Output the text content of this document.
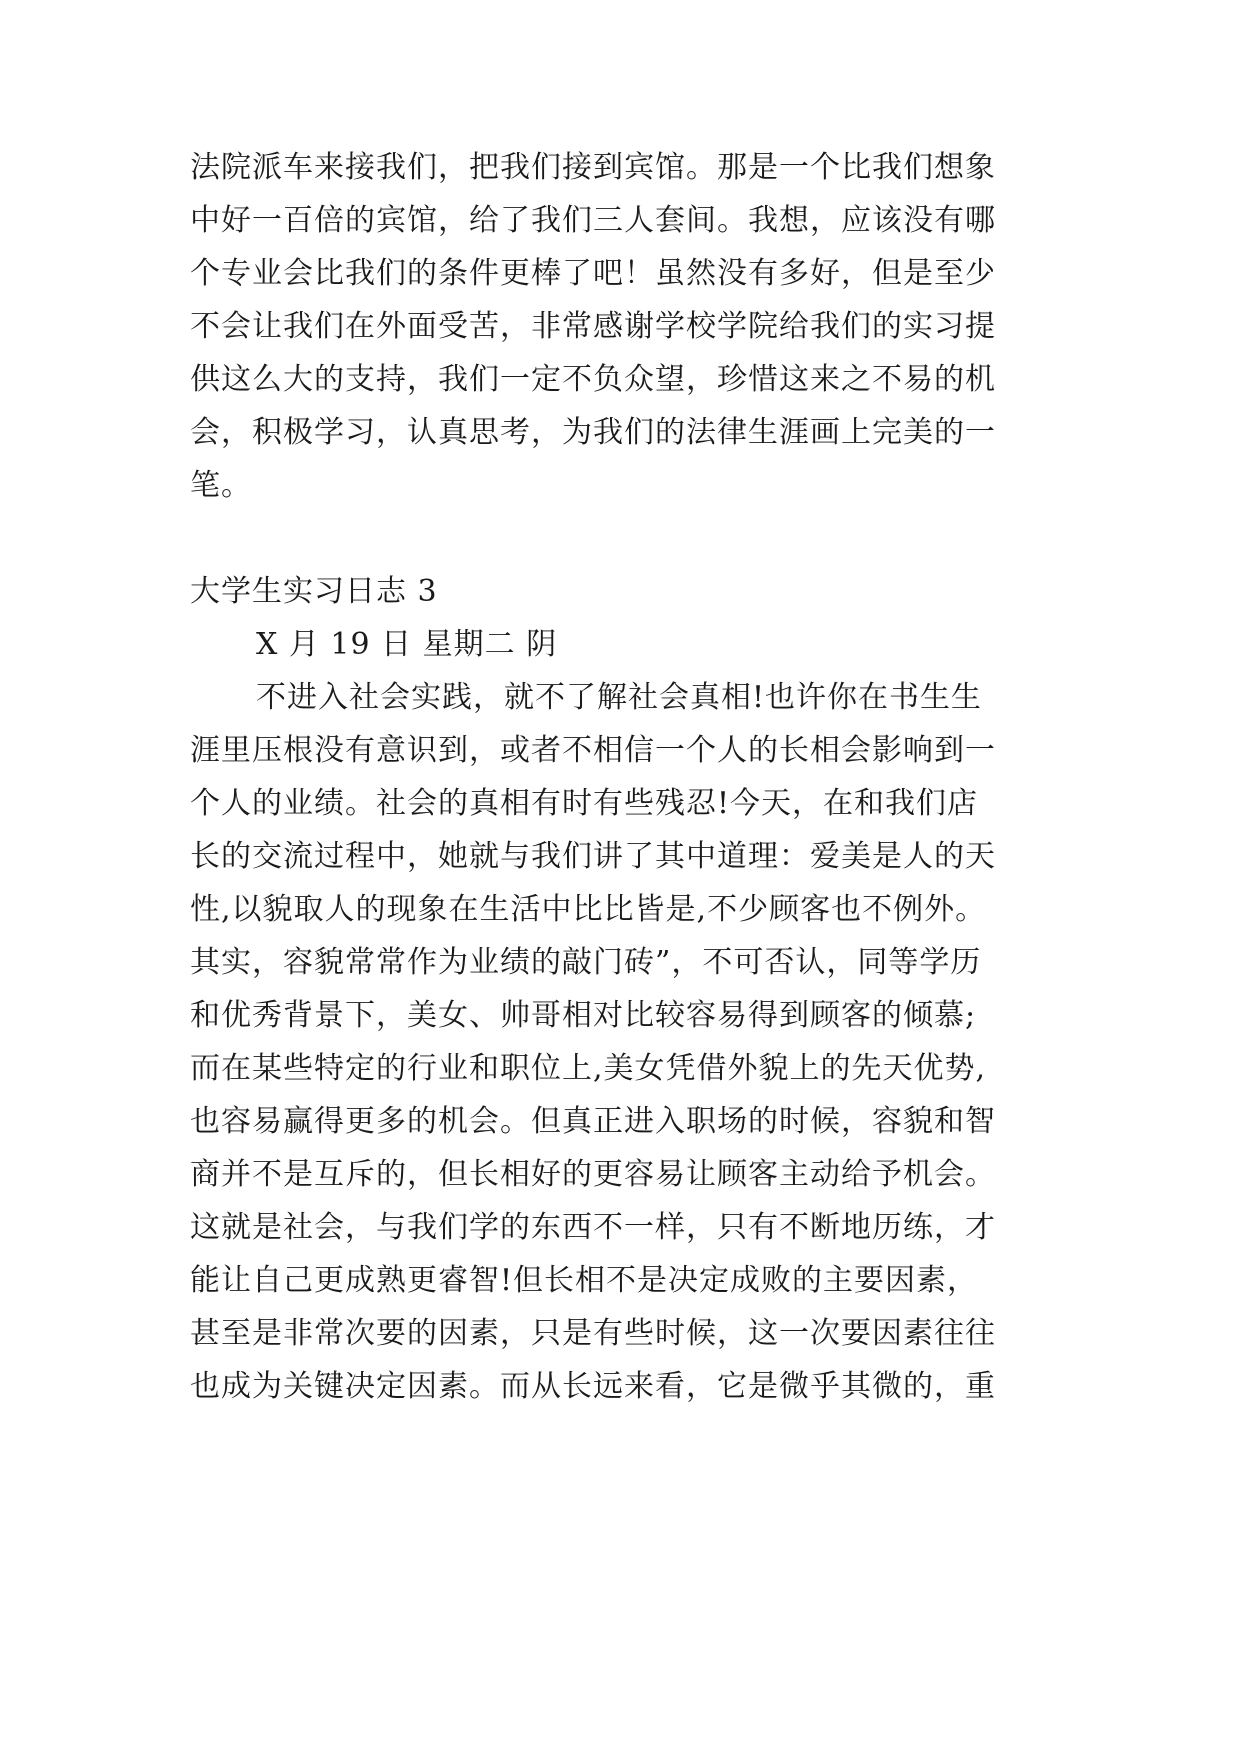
法院派车来接我们，把我们接到宾馆。那是一个比我们想象
中好一百倍的宾馆，给了我们三人套间。我想，应该没有哪
个专业会比我们的条件更棒了吧！虽然没有多好，但是至少
不会让我们在外面受苦，非常感谢学校学院给我们的实习提
供这么大的支持，我们一定不负众望，珍惜这来之不易的机
会，积极学习，认真思考，为我们的法律生涯画上完美的一
笔。
大学生实习日志 3
X 月 19 日 星期二 阴
不进入社会实践，就不了解社会真相!也许你在书生生
涯里压根没有意识到，或者不相信一个人的长相会影响到一
个人的业绩。社会的真相有时有些残忍!今天，在和我们店
长的交流过程中，她就与我们讲了其中道理：爱美是人的天
性,以貌取人的现象在生活中比比皆是,不少顾客也不例外。
其实，容貌常常作为业绩的敲门砖”，不可否认，同等学历
和优秀背景下，美女、帅哥相对比较容易得到顾客的倾慕;
而在某些特定的行业和职位上,美女凭借外貌上的先天优势,
也容易赢得更多的机会。但真正进入职场的时候，容貌和智
商并不是互斥的，但长相好的更容易让顾客主动给予机会。
这就是社会，与我们学的东西不一样，只有不断地历练，才
能让自己更成熟更睿智!但长相不是决定成败的主要因素，
甚至是非常次要的因素，只是有些时候，这一次要因素往往
也成为关键决定因素。而从长远来看，它是微乎其微的，重
